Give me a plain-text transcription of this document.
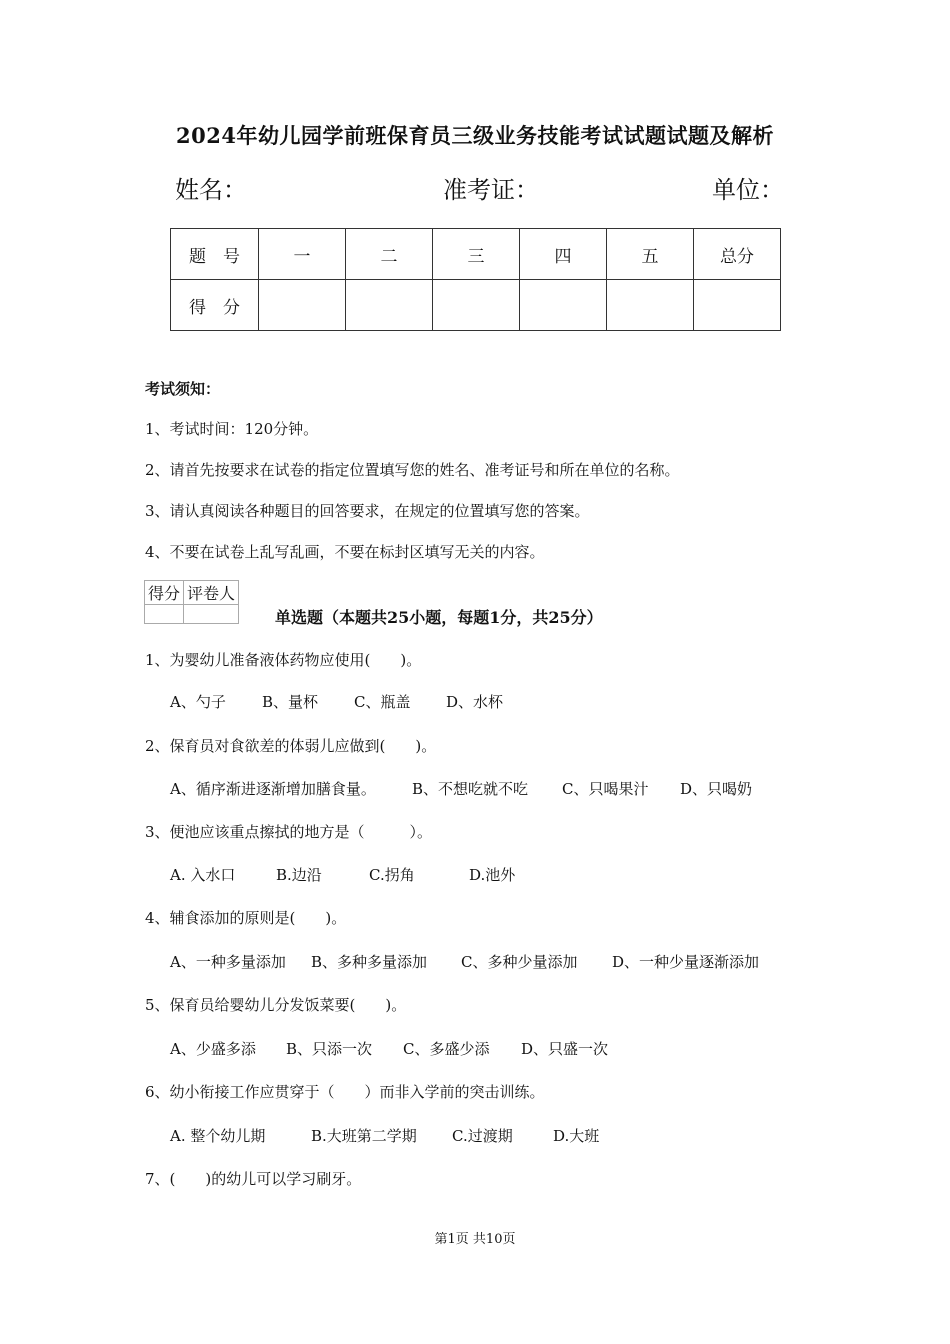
2024年幼儿园学前班保育员三级业务技能考试试题试题及解析
姓名：	准考证：	单位：
题　号	一	二	三	四	五	总分
得　分						
考试须知：
1、考试时间：120分钟。
2、请首先按要求在试卷的指定位置填写您的姓名、准考证号和所在单位的名称。
3、请认真阅读各种题目的回答要求，在规定的位置填写您的答案。
4、不要在试卷上乱写乱画，不要在标封区填写无关的内容。
得分	评卷人

单选题（本题共25小题，每题1分，共25分）
1、为婴幼儿准备液体药物应使用(　　)。
A、勺子 B、量杯 C、瓶盖 D、水杯
2、保育员对食欲差的体弱儿应做到(　　)。
A、循序渐进逐渐增加膳食量。 B、不想吃就不吃 C、只喝果汁 D、只喝奶
3、便池应该重点擦拭的地方是（　　　）。
A. 入水口	B.边沿	C.拐角	D.池外
4、辅食添加的原则是(　　)。
A、一种多量添加 B、多种多量添加 C、多种少量添加 D、一种少量逐渐添加
5、保育员给婴幼儿分发饭菜要(　　)。
A、少盛多添 B、只添一次 C、多盛少添 D、只盛一次
6、幼小衔接工作应贯穿于（　　）而非入学前的突击训练。
A. 整个幼儿期	B.大班第二学期 C.过渡期	D.大班
7、(　　)的幼儿可以学习刷牙。
第1页 共10页
